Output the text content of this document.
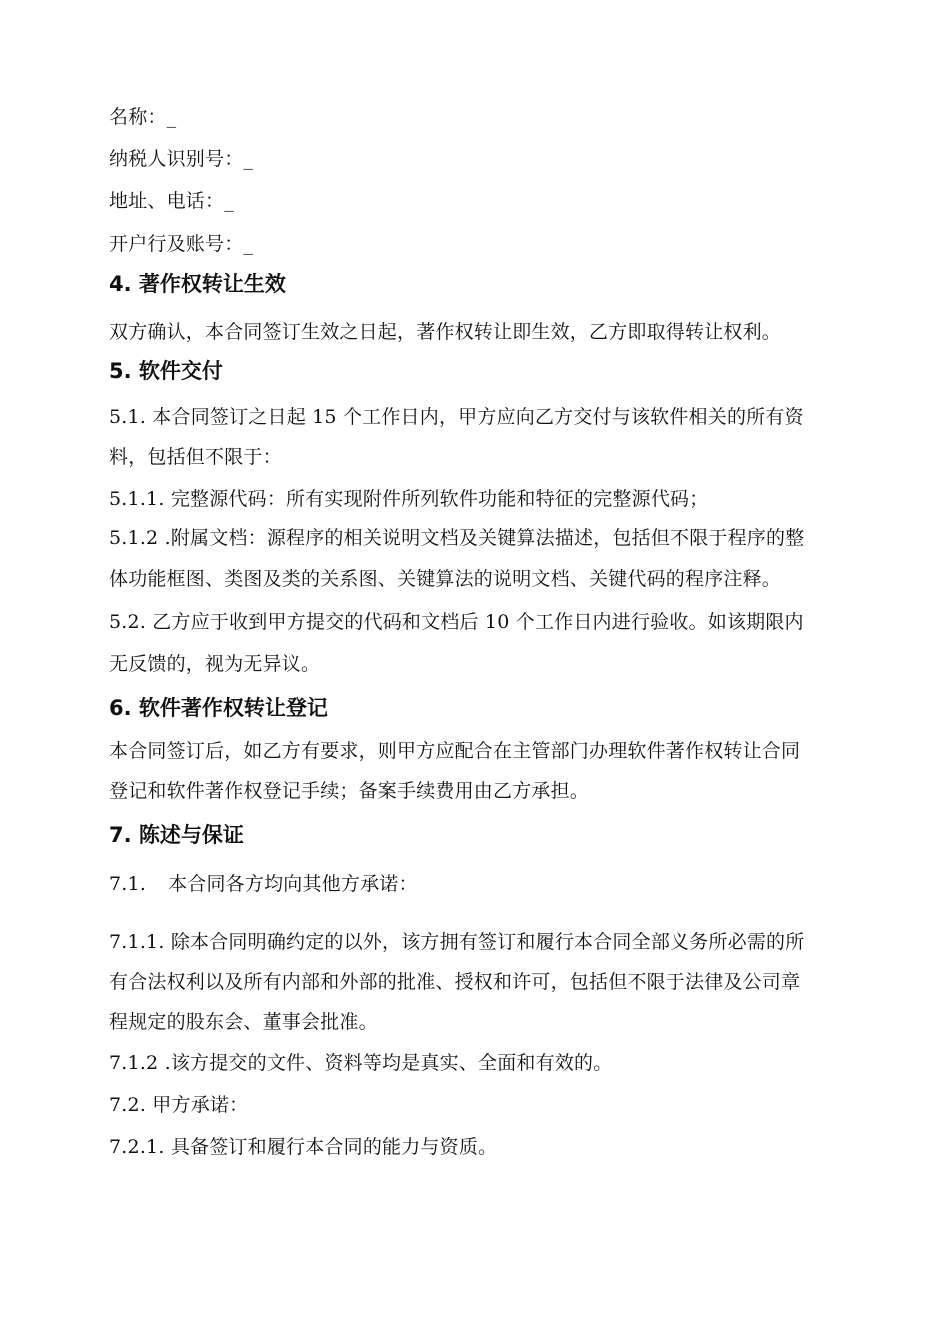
名称：_
纳税人识别号：_
地址、电话：_
开户行及账号：_
4. 著作权转让生效
双方确认，本合同签订生效之日起，著作权转让即生效，乙方即取得转让权利。
5. 软件交付
5.1. 本合同签订之日起 15 个工作日内，甲方应向乙方交付与该软件相关的所有资
料，包括但不限于：
5.1.1. 完整源代码：所有实现附件所列软件功能和特征的完整源代码；
5.1.2 .附属文档：源程序的相关说明文档及关键算法描述，包括但不限于程序的整
体功能框图、类图及类的关系图、关键算法的说明文档、关键代码的程序注释。
5.2. 乙方应于收到甲方提交的代码和文档后 10 个工作日内进行验收。如该期限内
无反馈的，视为无异议。
6. 软件著作权转让登记
本合同签订后，如乙方有要求，则甲方应配合在主管部门办理软件著作权转让合同
登记和软件著作权登记手续；备案手续费用由乙方承担。
7. 陈述与保证
7.1. 本合同各方均向其他方承诺：
7.1.1. 除本合同明确约定的以外，该方拥有签订和履行本合同全部义务所必需的所
有合法权利以及所有内部和外部的批准、授权和许可，包括但不限于法律及公司章
程规定的股东会、董事会批准。
7.1.2 .该方提交的文件、资料等均是真实、全面和有效的。
7.2. 甲方承诺：
7.2.1. 具备签订和履行本合同的能力与资质。
